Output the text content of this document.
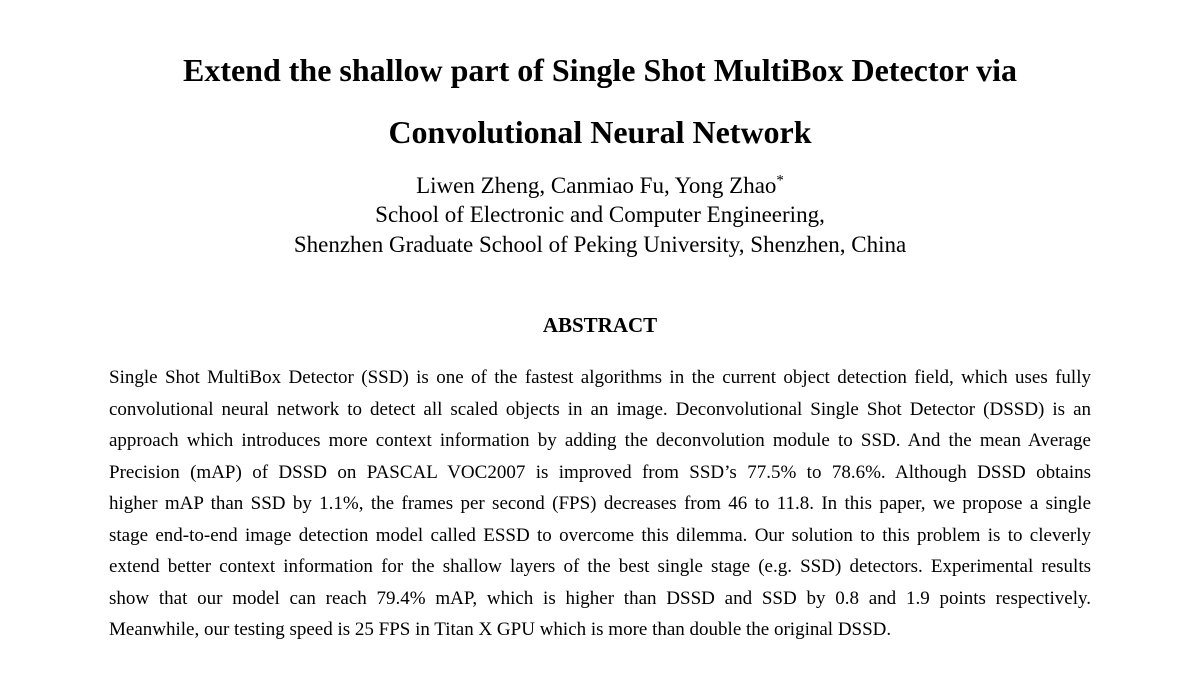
Extend the shallow part of Single Shot MultiBox Detector via
Convolutional Neural Network
Liwen Zheng, Canmiao Fu, Yong Zhao*
School of Electronic and Computer Engineering,
Shenzhen Graduate School of Peking University, Shenzhen, China
ABSTRACT
Single Shot MultiBox Detector (SSD) is one of the fastest algorithms in the current object detection field, which uses fully
convolutional neural network to detect all scaled objects in an image. Deconvolutional Single Shot Detector (DSSD) is an
approach which introduces more context information by adding the deconvolution module to SSD. And the mean Average
Precision (mAP) of DSSD on PASCAL VOC2007 is improved from SSD’s 77.5% to 78.6%. Although DSSD obtains
higher mAP than SSD by 1.1%, the frames per second (FPS) decreases from 46 to 11.8. In this paper, we propose a single
stage end-to-end image detection model called ESSD to overcome this dilemma. Our solution to this problem is to cleverly
extend better context information for the shallow layers of the best single stage (e.g. SSD) detectors. Experimental results
show that our model can reach 79.4% mAP, which is higher than DSSD and SSD by 0.8 and 1.9 points respectively.
Meanwhile, our testing speed is 25 FPS in Titan X GPU which is more than double the original DSSD.
